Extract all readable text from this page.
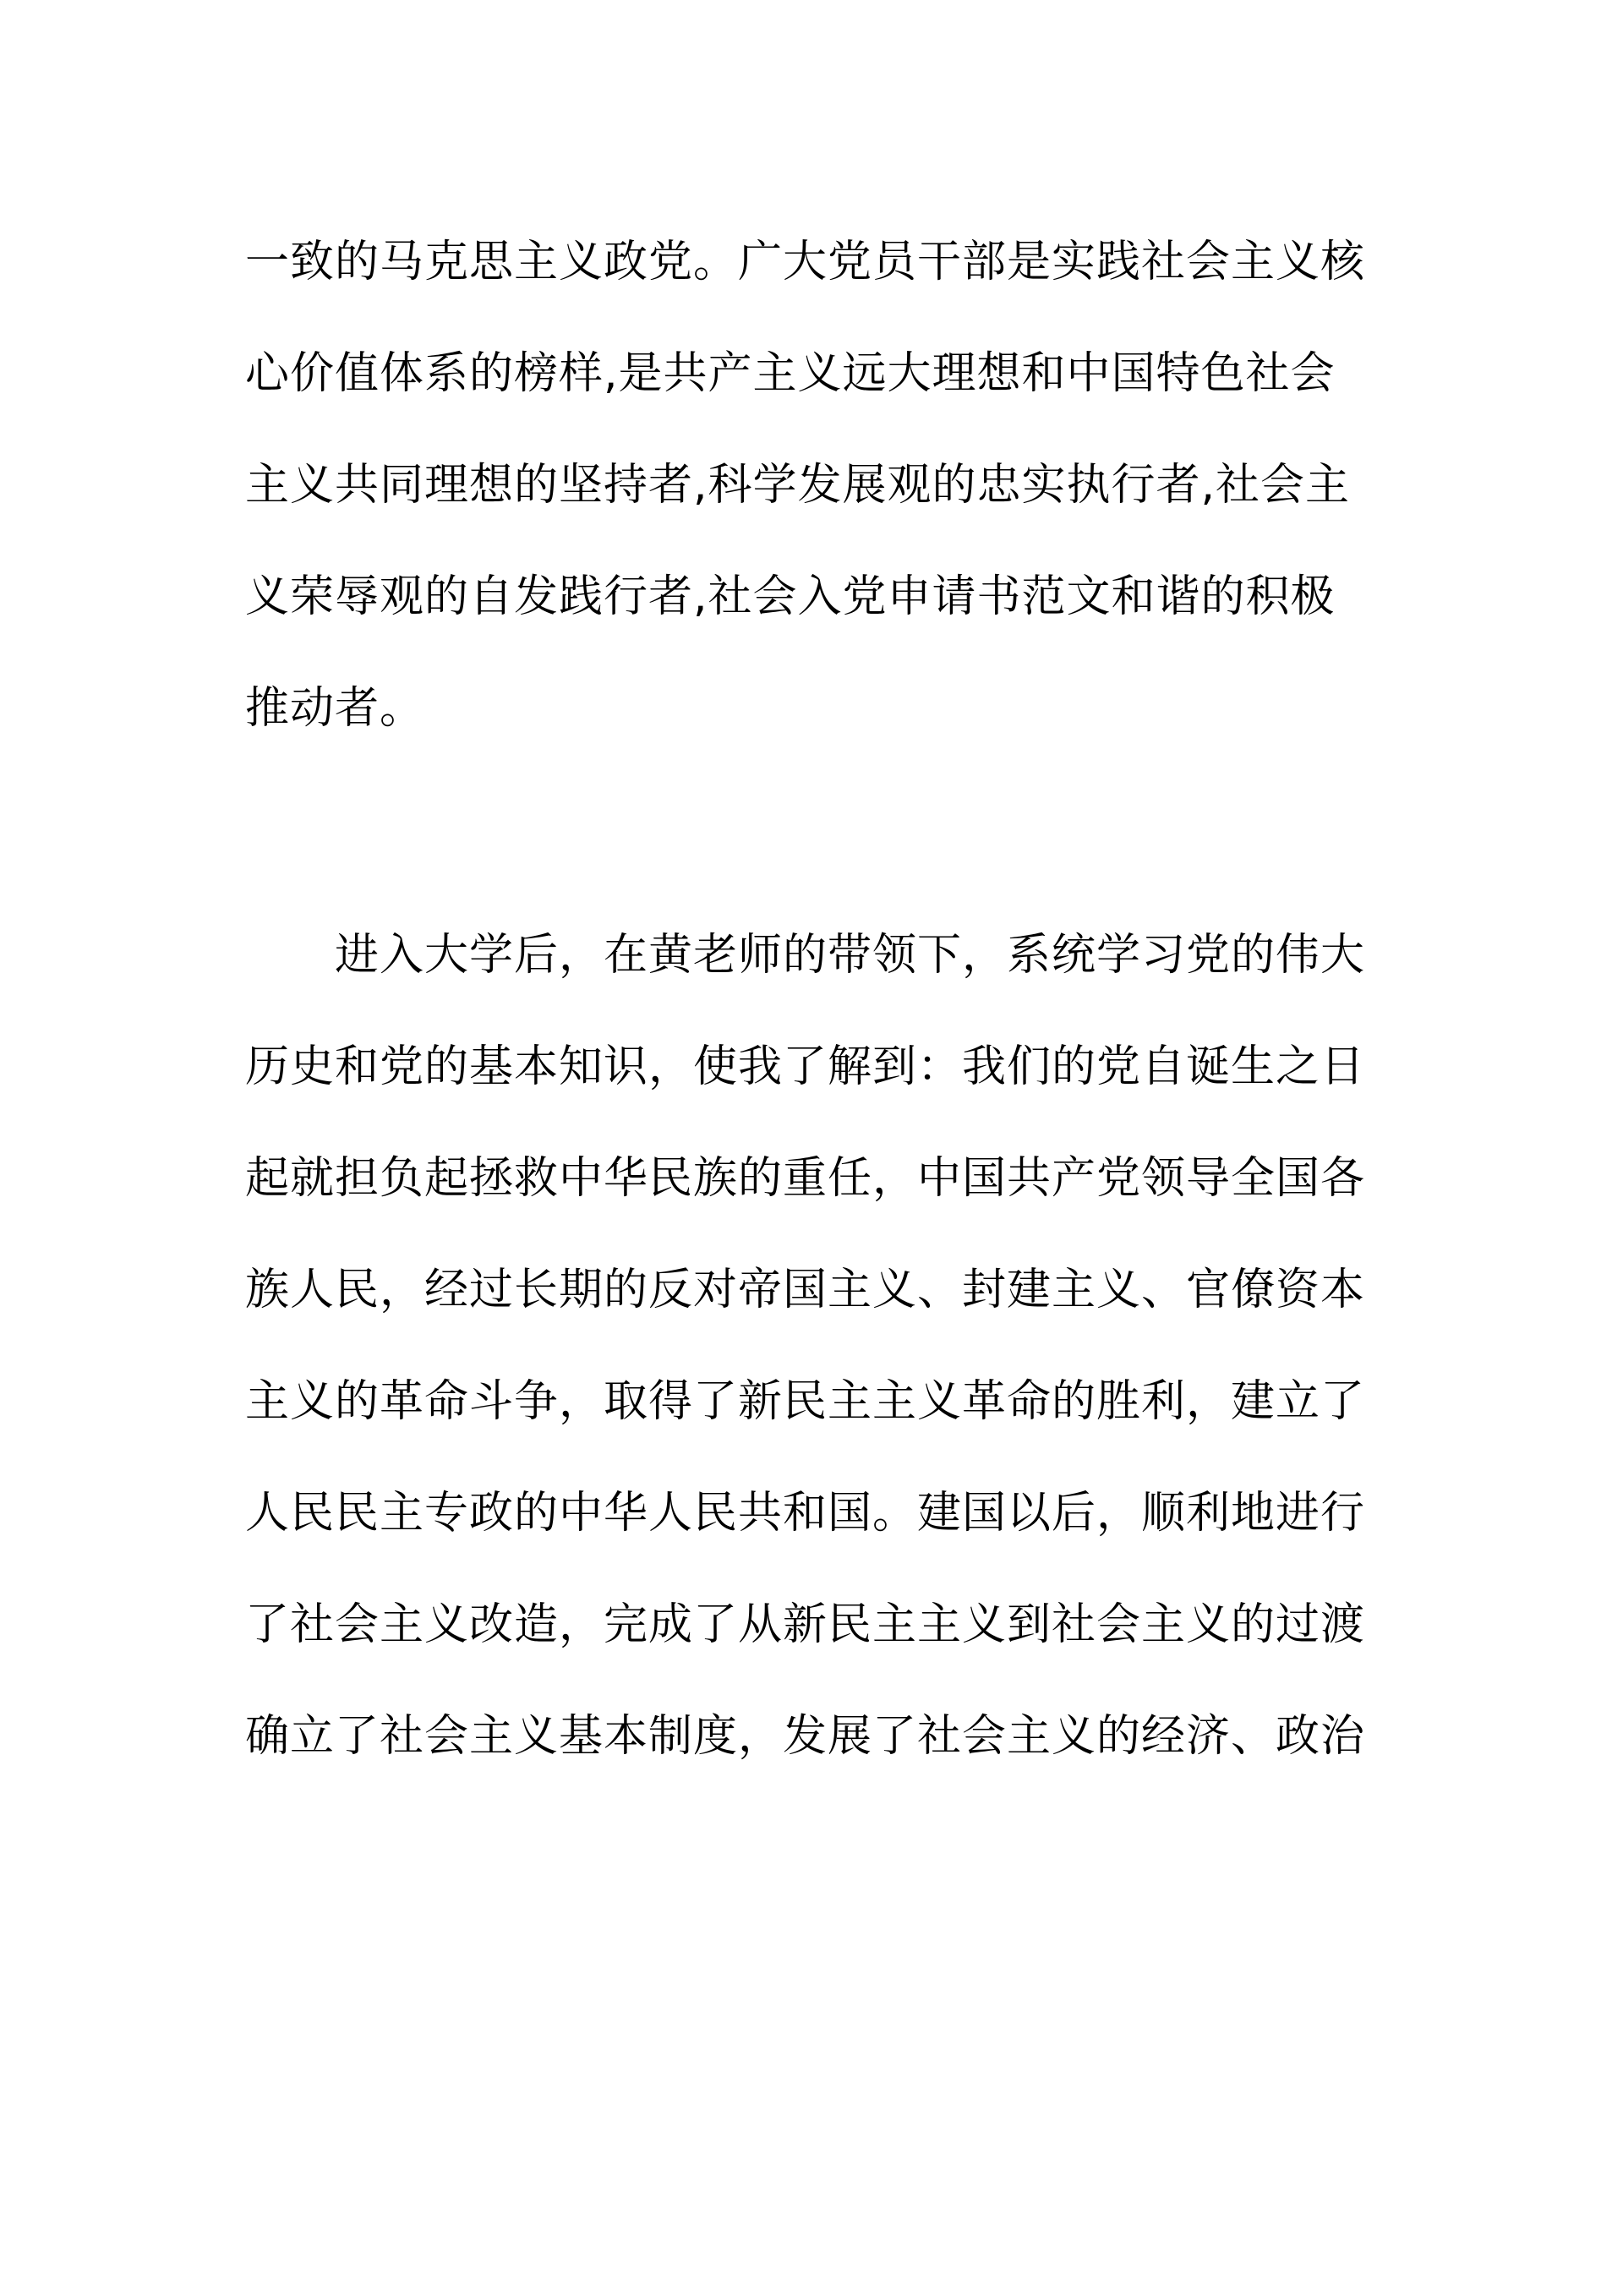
一致的马克思主义政党。广大党员干部是实践社会主义核
心价值体系的榜样,是共产主义远大理想和中国特色社会
主义共同理想的坚持者,科学发展观的忠实执行者,社会主
义荣辱观的自发践行者,社会入党申请书范文和谐的积极
推动者。
　　进入大学后，在黄老师的带领下，系统学习党的伟大
历史和党的基本知识，使我了解到：我们的党自诞生之日
起就担负起拯救中华民族的重任，中国共产党领导全国各
族人民，经过长期的反对帝国主义、封建主义、官僚资本
主义的革命斗争，取得了新民主主义革命的胜利，建立了
人民民主专政的中华人民共和国。建国以后，顺利地进行
了社会主义改造，完成了从新民主主义到社会主义的过渡
确立了社会主义基本制度，发展了社会主义的经济、政治
